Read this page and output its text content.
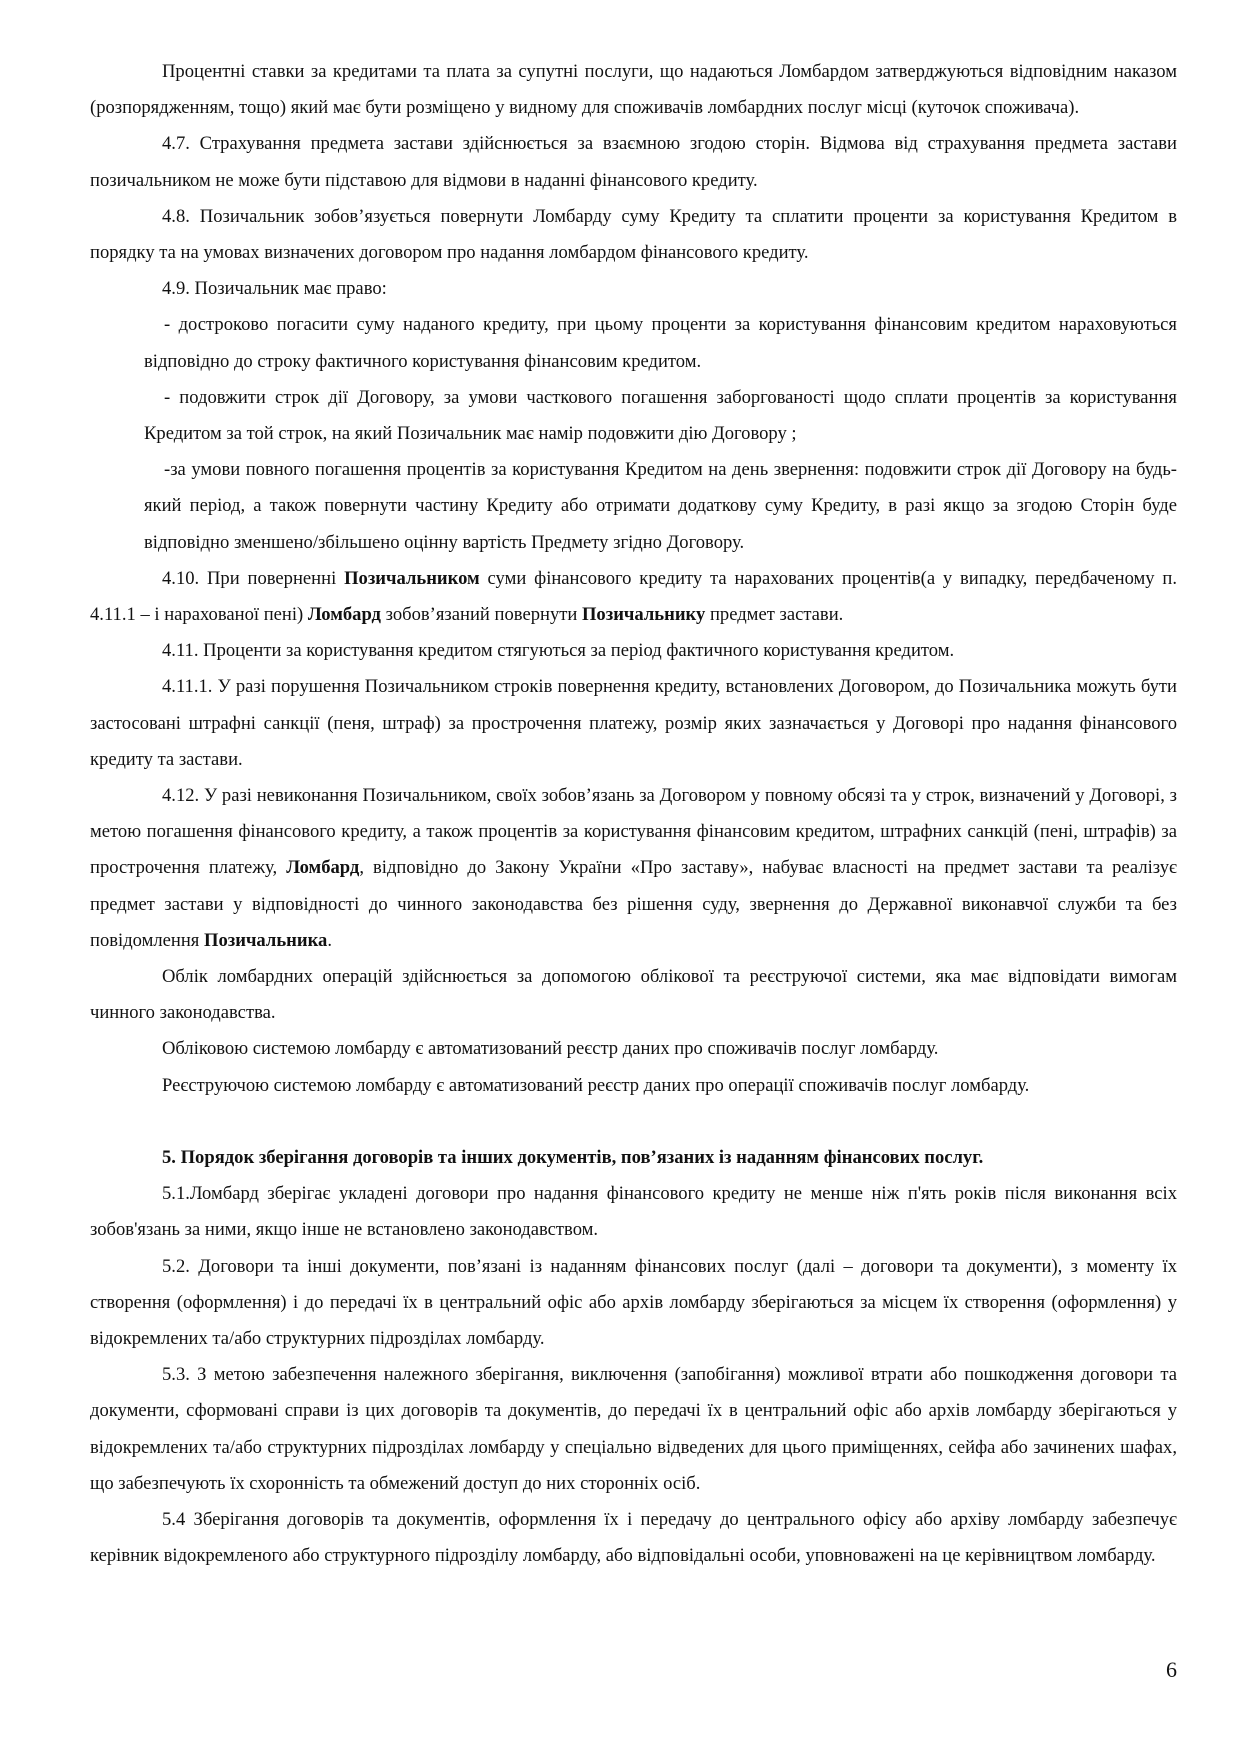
Процентні ставки за кредитами та плата за супутні послуги, що надаються Ломбардом затверджуються відповідним наказом (розпорядженням, тощо) який має бути розміщено у видному для споживачів ломбардних послуг місці (куточок споживача).

4.7. Страхування предмета застави здійснюється за взаємною згодою сторін. Відмова від страхування предмета застави позичальником не може бути підставою для відмови в наданні фінансового кредиту.

4.8. Позичальник зобов’язується повернути Ломбарду суму Кредиту та сплатити проценти за користування Кредитом в порядку та на умовах визначених договором про надання ломбардом фінансового кредиту.

4.9. Позичальник має право:

- достроково погасити суму наданого кредиту, при цьому проценти за користування фінансовим кредитом нараховуються відповідно до строку фактичного користування фінансовим кредитом.

- подовжити строк дії Договору, за умови часткового погашення заборгованості щодо сплати процентів за користування Кредитом за той строк, на який Позичальник має намір подовжити дію Договору ;

-за умови повного погашення процентів за користування Кредитом на день звернення: подовжити строк дії Договору на будь-який період, а також повернути частину Кредиту або отримати додаткову суму Кредиту, в разі якщо за згодою Сторін буде відповідно зменшено/збільшено оцінну вартість Предмету згідно Договору.

4.10. При поверненні Позичальником суми фінансового кредиту та нарахованих процентів(а у випадку, передбаченому п. 4.11.1 – і нарахованої пені) Ломбард зобов’язаний повернути Позичальнику предмет застави.

4.11. Проценти за користування кредитом стягуються за період фактичного користування кредитом.

4.11.1. У разі порушення Позичальником строків повернення кредиту, встановлених Договором, до Позичальника можуть бути застосовані штрафні санкції (пеня, штраф) за прострочення платежу, розмір яких зазначається у Договорі про надання фінансового кредиту та застави.

4.12. У разі невиконання Позичальником, своїх зобов’язань за Договором у повному обсязі та у строк, визначений у Договорі, з метою погашення фінансового кредиту, а також процентів за користування фінансовим кредитом, штрафних санкцій (пені, штрафів) за прострочення платежу, Ломбард, відповідно до Закону України «Про заставу», набуває власності на предмет застави та реалізує предмет застави у відповідності до чинного законодавства без рішення суду, звернення до Державної виконавчої служби та без повідомлення Позичальника.

Облік ломбардних операцій здійснюється за допомогою облікової та реєструючої системи, яка має відповідати вимогам чинного законодавства.

Обліковою системою ломбарду є автоматизований реєстр даних про споживачів послуг ломбарду.

Реєструючою системою ломбарду є автоматизований реєстр даних про операції споживачів послуг ломбарду.

5. Порядок зберігання договорів та інших документів, пов’язаних із наданням фінансових послуг.

5.1.Ломбард зберігає укладені договори про надання фінансового кредиту не менше ніж п'ять років після виконання всіх зобов'язань за ними, якщо інше не встановлено законодавством.

5.2. Договори та інші документи, пов’язані із наданням фінансових послуг (далі – договори та документи), з моменту їх створення (оформлення) і до передачі їх в центральний офіс або архів ломбарду зберігаються за місцем їх створення (оформлення) у відокремлених та/або структурних підрозділах ломбарду.

5.3. З метою забезпечення належного зберігання, виключення (запобігання) можливої втрати або пошкодження договори та документи, сформовані справи із цих договорів та документів, до передачі їх в центральний офіс або архів ломбарду зберігаються у відокремлених та/або структурних підрозділах ломбарду у спеціально відведених для цього приміщеннях, сейфа або зачинених шафах, що забезпечують їх схоронність та обмежений доступ до них сторонніх осіб.

5.4 Зберігання договорів та документів, оформлення їх і передачу до центрального офісу або архіву ломбарду забезпечує керівник відокремленого або структурного підрозділу ломбарду, або відповідальні особи, уповноважені на це керівництвом ломбарду.

6
